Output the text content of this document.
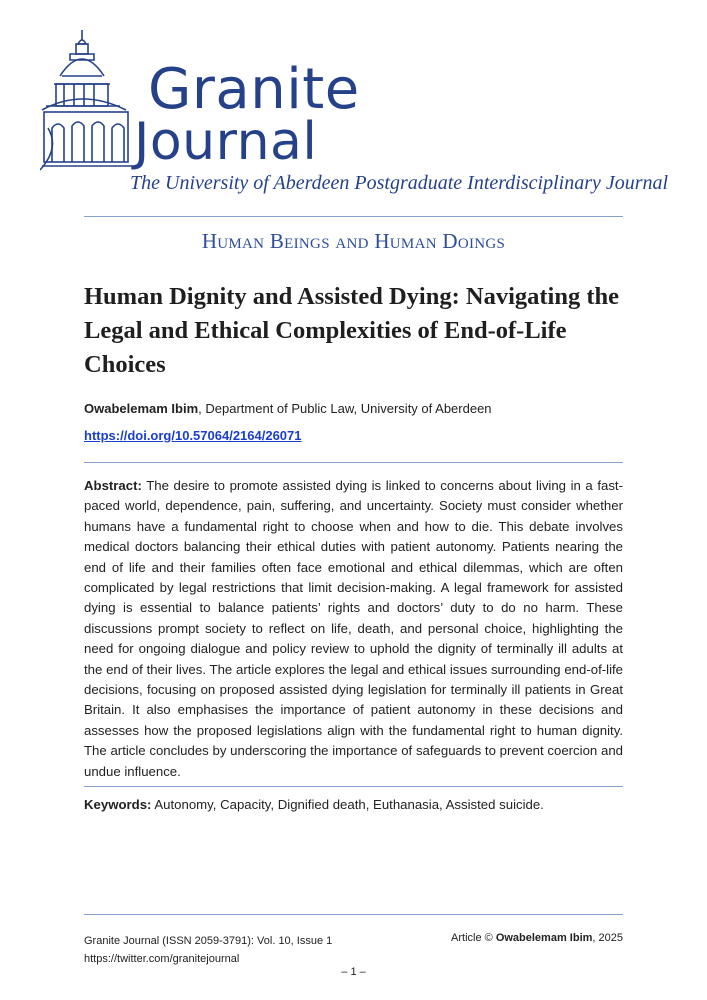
Granite
Journal
The University of Aberdeen Postgraduate Interdisciplinary Journal
Human Beings and Human Doings
Human Dignity and Assisted Dying: Navigating the Legal and Ethical Complexities of End-of-Life Choices
Owabelemam Ibim, Department of Public Law, University of Aberdeen
https://doi.org/10.57064/2164/26071
Abstract: The desire to promote assisted dying is linked to concerns about living in a fast-paced world, dependence, pain, suffering, and uncertainty. Society must consider whether humans have a fundamental right to choose when and how to die. This debate involves medical doctors balancing their ethical duties with patient autonomy. Patients nearing the end of life and their families often face emotional and ethical dilemmas, which are often complicated by legal restrictions that limit decision-making. A legal framework for assisted dying is essential to balance patients’ rights and doctors’ duty to do no harm. These discussions prompt society to reflect on life, death, and personal choice, highlighting the need for ongoing dialogue and policy review to uphold the dignity of terminally ill adults at the end of their lives. The article explores the legal and ethical issues surrounding end-of-life decisions, focusing on proposed assisted dying legislation for terminally ill patients in Great Britain. It also emphasises the importance of patient autonomy in these decisions and assesses how the proposed legislations align with the fundamental right to human dignity. The article concludes by underscoring the importance of safeguards to prevent coercion and undue influence.
Keywords: Autonomy, Capacity, Dignified death, Euthanasia, Assisted suicide.
Granite Journal (ISSN 2059-3791): Vol. 10, Issue 1
https://twitter.com/granitejournal
Article © Owabelemam Ibim, 2025
– 1 –
